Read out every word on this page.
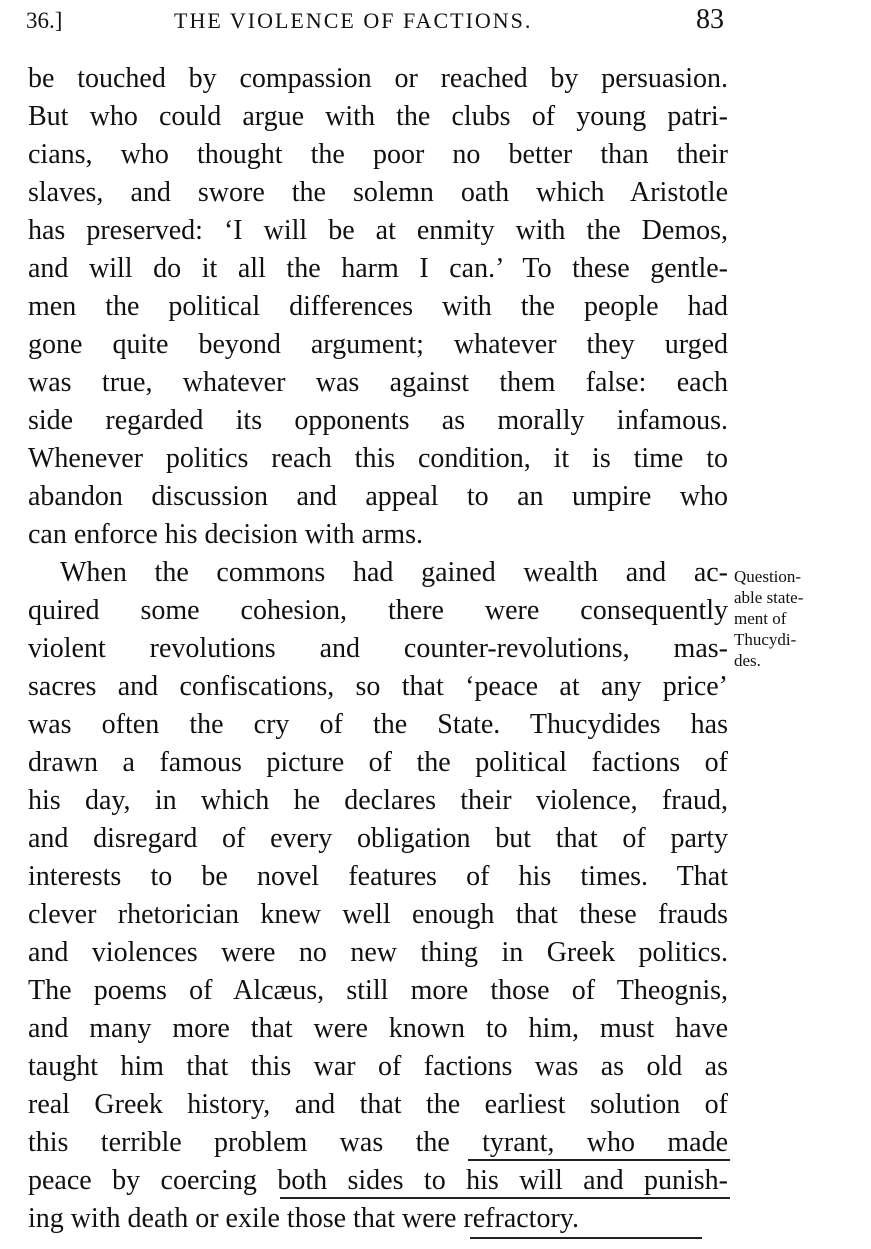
36.]	THE VIOLENCE OF FACTIONS.	83
be touched by compassion or reached by persuasion.
But who could argue with the clubs of young patri-
cians, who thought the poor no better than their
slaves, and swore the solemn oath which Aristotle
has preserved: ‘I will be at enmity with the Demos,
and will do it all the harm I can.’ To these gentle-
men the political differences with the people had
gone quite beyond argument; whatever they urged
was true, whatever was against them false: each
side regarded its opponents as morally infamous.
Whenever politics reach this condition, it is time to
abandon discussion and appeal to an umpire who
can enforce his decision with arms.
When the commons had gained wealth and ac-
quired some cohesion, there were consequently
violent revolutions and counter-revolutions, mas-
sacres and confiscations, so that ‘peace at any price’
was often the cry of the State. Thucydides has
drawn a famous picture of the political factions of
his day, in which he declares their violence, fraud,
and disregard of every obligation but that of party
interests to be novel features of his times. That
clever rhetorician knew well enough that these frauds
and violences were no new thing in Greek politics.
The poems of Alcæus, still more those of Theognis,
and many more that were known to him, must have
taught him that this war of factions was as old as
real Greek history, and that the earliest solution of
this terrible problem was the tyrant, who made
peace by coercing both sides to his will and punish-
ing with death or exile those that were refractory.
Question-
able state-
ment of
Thucydi-
des.
